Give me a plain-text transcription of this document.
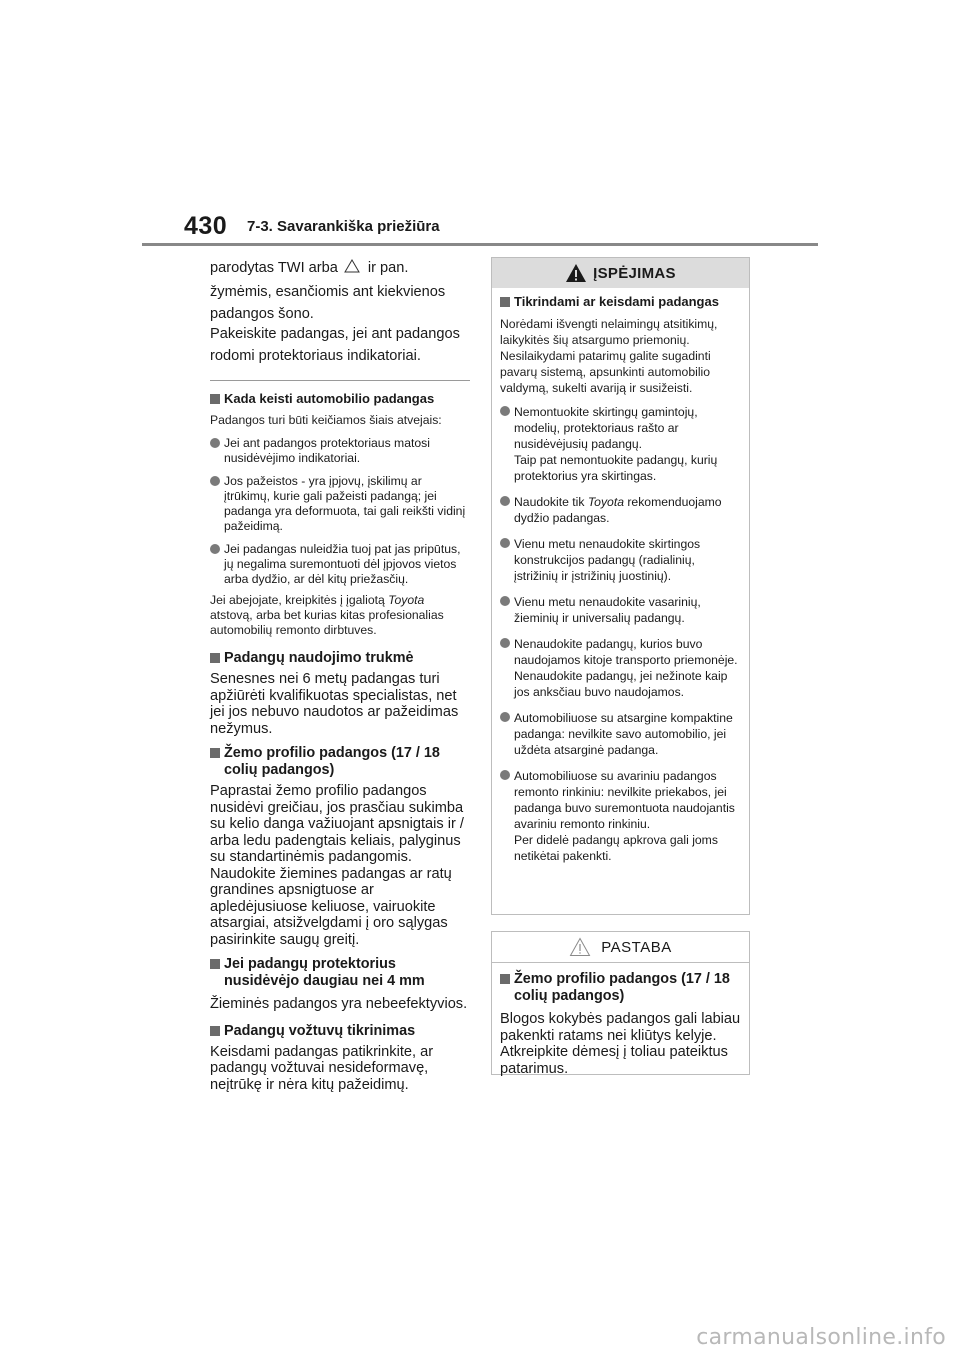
430 7-3. Savarankiška priežiūra

parodytas TWI arba ir pan.

žymėmis, esančiomis ant kiekvienos

padangos šono.

Pakeiskite padangas, jei ant padangos

rodomi protektoriaus indikatoriai.

Kada keisti automobilio padangas
Padangos turi būti keičiamos šiais atvejais:
Jei ant padangos protektoriaus matosi nusidėvėjimo indikatoriai.
Jos pažeistos - yra įpjovų, įskilimų ar įtrūkimų, kurie gali pažeisti padangą; jei padanga yra deformuota, tai gali reikšti vidinį pažeidimą.
Jei padangas nuleidžia tuoj pat jas pripūtus, jų negalima suremontuoti dėl įpjovos vietos arba dydžio, ar dėl kitų priežasčių.
Jei abejojate, kreipkitės į įgaliotą Toyota atstovą, arba bet kurias kitas profesionalias automobilių remonto dirbtuves.
Padangų naudojimo trukmė
Senesnes nei 6 metų padangas turi apžiūrėti kvalifikuotas specialistas, net jei jos nebuvo naudotos ar pažeidimas nežymus.
Žemo profilio padangos (17 / 18 colių padangos)
Paprastai žemo profilio padangos nusidėvi greičiau, jos prasčiau sukimba su kelio danga važiuojant apsnigtais ir / arba ledu padengtais keliais, palyginus su standartinėmis padangomis. Naudokite žiemines padangas ar ratų grandines apsnigtuose ar apledėjusiuose keliuose, vairuokite atsargiai, atsižvelgdami į oro sąlygas pasirinkite saugų greitį.
Jei padangų protektorius nusidėvėjo daugiau nei 4 mm
Žieminės padangos yra nebeefektyvios.
Padangų vožtuvų tikrinimas
Keisdami padangas patikrinkite, ar padangų vožtuvai nesideformavę, neįtrūkę ir nėra kitų pažeidimų.
ĮSPĖJIMAS
Tikrindami ar keisdami padangas
Norėdami išvengti nelaimingų atsitikimų, laikykitės šių atsargumo priemonių. Nesilaikydami patarimų galite sugadinti pavarų sistemą, apsunkinti automobilio valdymą, sukelti avariją ir susižeisti.
Nemontuokite skirtingų gamintojų, modelių, protektoriaus rašto ar nusidėvėjusių padangų.
Taip pat nemontuokite padangų, kurių protektorius yra skirtingas.
Naudokite tik Toyota rekomenduojamo dydžio padangas.
Vienu metu nenaudokite skirtingos konstrukcijos padangų (radialinių, įstrižinių ir įstrižinių juostinių).
Vienu metu nenaudokite vasarinių, žieminių ir universalių padangų.
Nenaudokite padangų, kurios buvo naudojamos kitoje transporto priemonėje.
Nenaudokite padangų, jei nežinote kaip jos anksčiau buvo naudojamos.
Automobiliuose su atsargine kompaktine padanga: nevilkite savo automobilio, jei uždėta atsarginė padanga.
Automobiliuose su avariniu padangos remonto rinkiniu: nevilkite priekabos, jei padanga buvo suremontuota naudojantis avariniu remonto rinkiniu.
Per didelė padangų apkrova gali joms netikėtai pakenkti.
PASTABA
Žemo profilio padangos (17 / 18 colių padangos)
Blogos kokybės padangos gali labiau pakenkti ratams nei kliūtys kelyje. Atkreipkite dėmesį į toliau pateiktus patarimus.
carmanualsonline.info
